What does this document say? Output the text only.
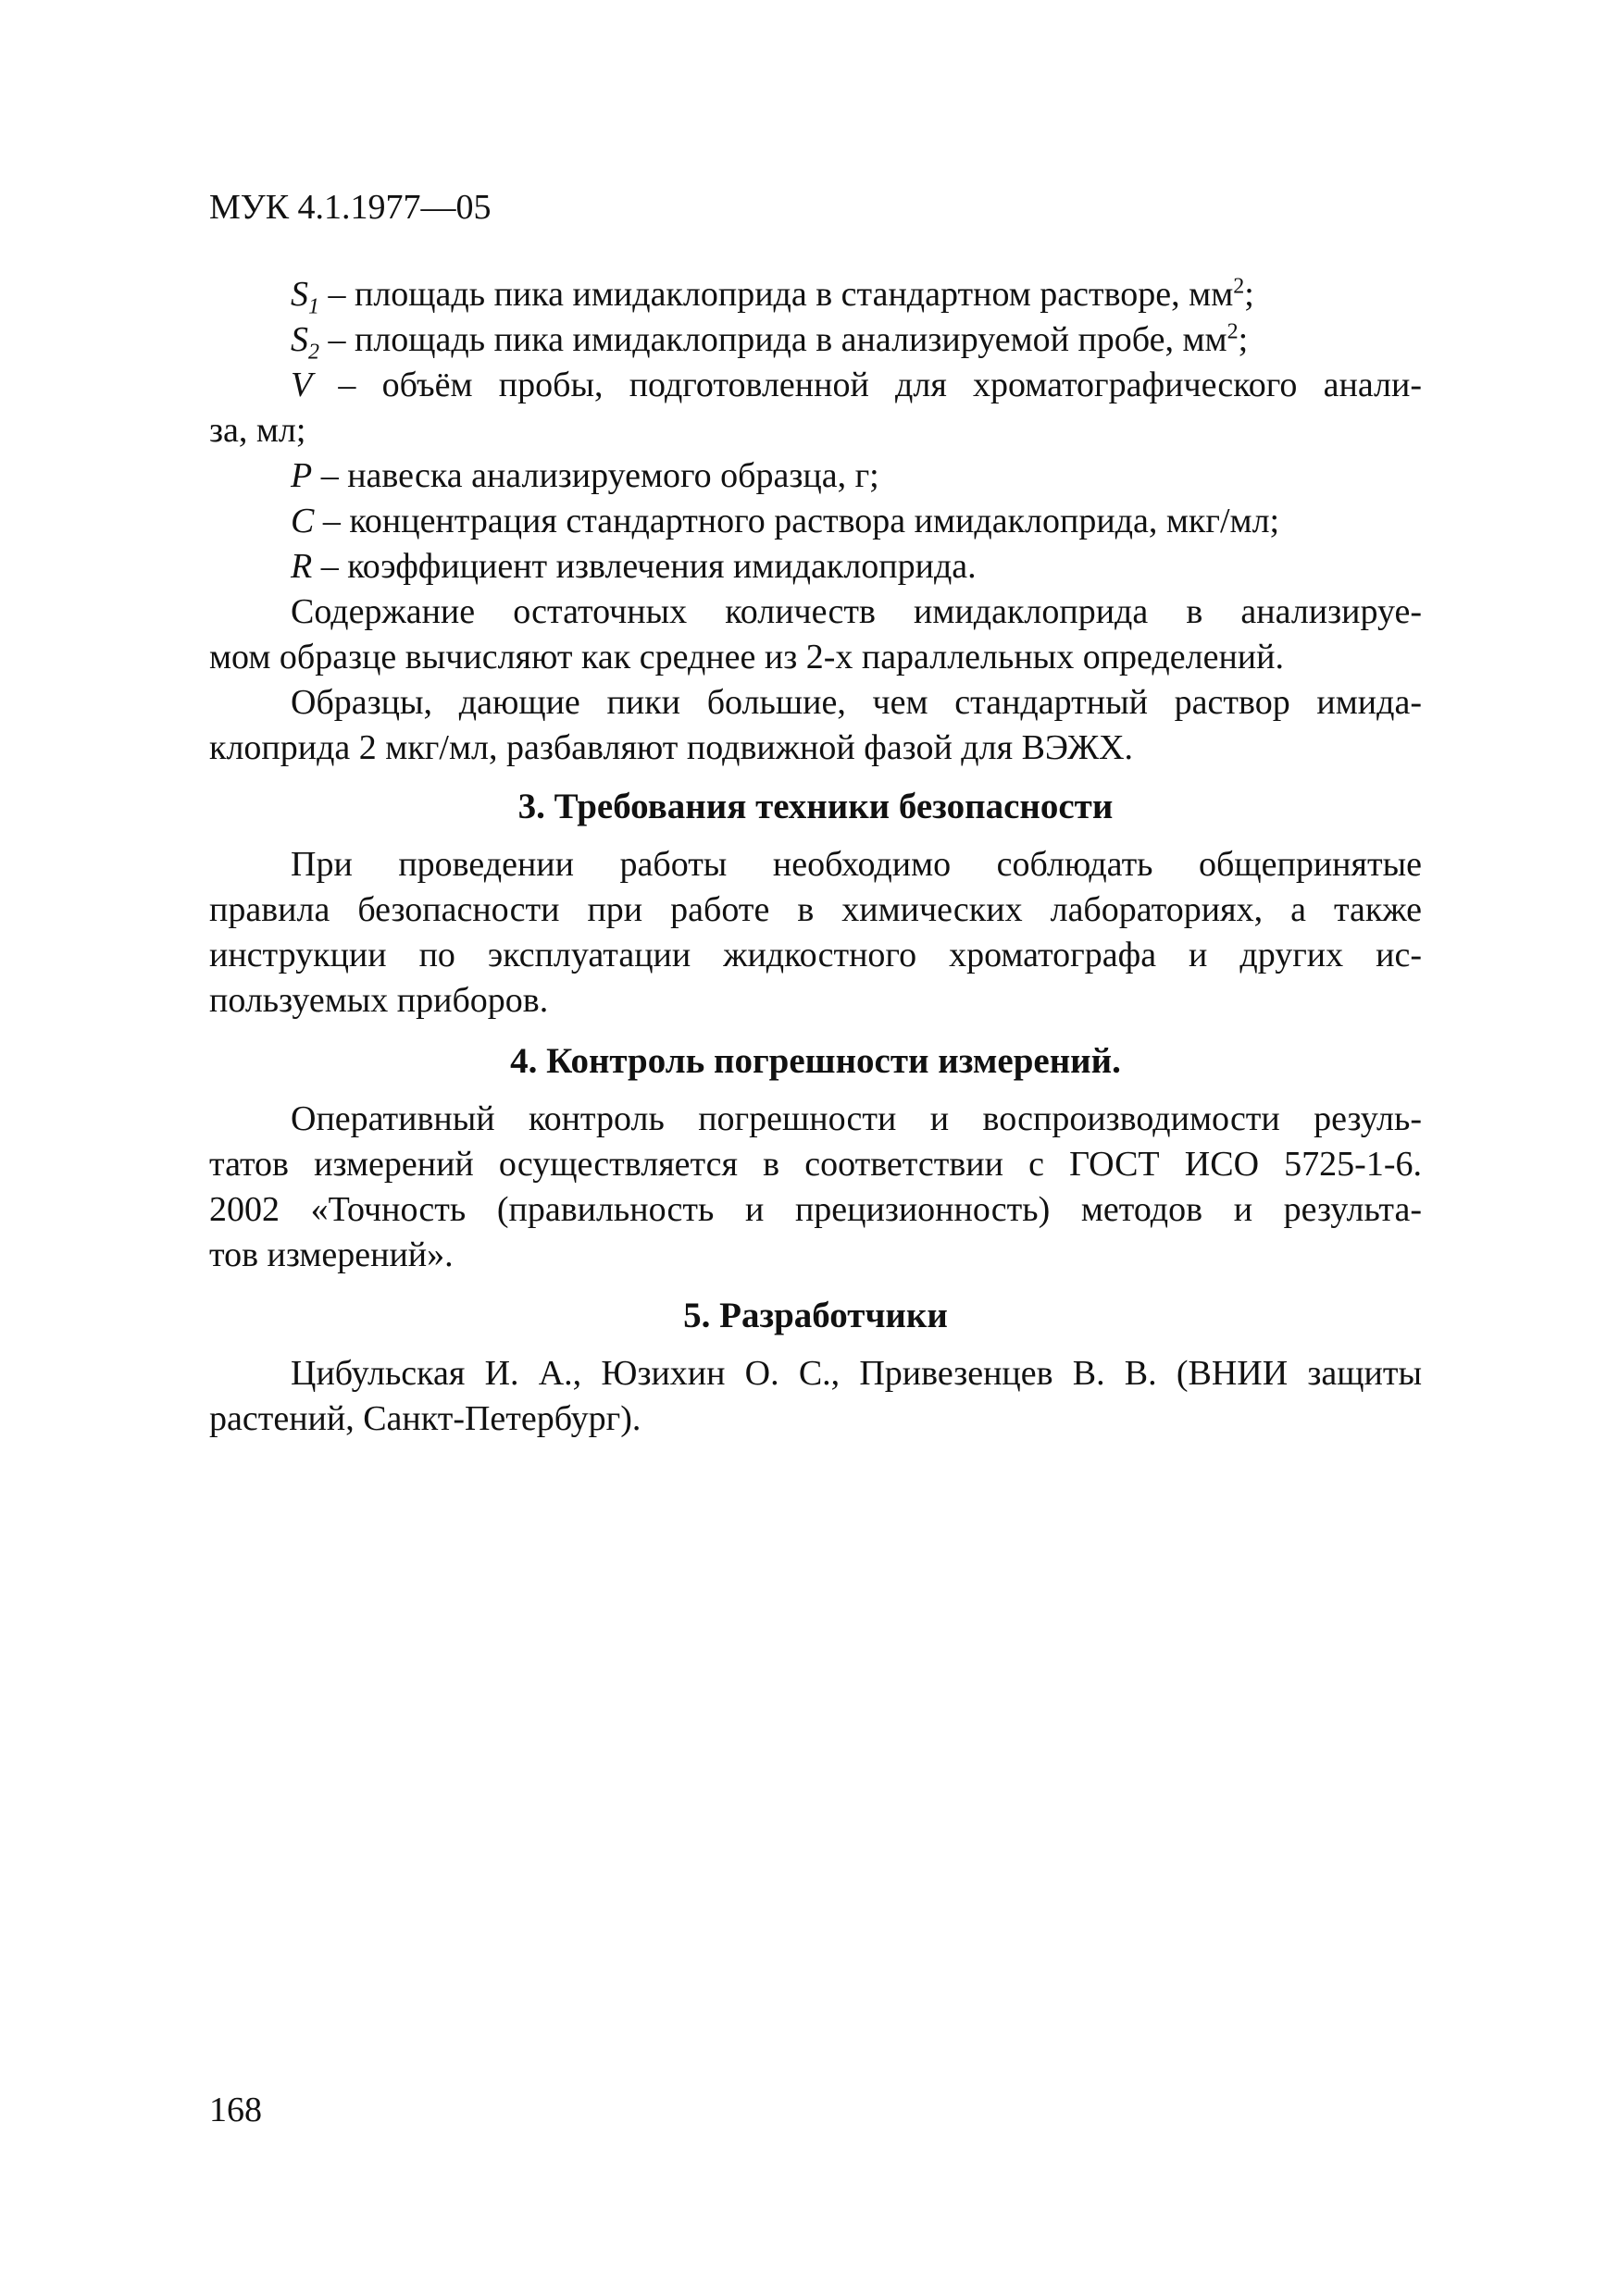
МУК 4.1.1977—05
$S_1$ – площадь пика имидаклоприда в стандартном растворе, $мм^2$;
$S_2$ – площадь пика имидаклоприда в анализируемой пробе, $мм^2$;
V – объём пробы, подготовленной для хроматографического анали-
за, мл;
P – навеска анализируемого образца, г;
C – концентрация стандартного раствора имидаклоприда, мкг/мл;
R – коэффициент извлечения имидаклоприда.
Содержание остаточных количеств имидаклоприда в анализируе-
мом образце вычисляют как среднее из 2-х параллельных определений.
Образцы, дающие пики большие, чем стандартный раствор имида-
клоприда 2 мкг/мл, разбавляют подвижной фазой для ВЭЖХ.
3. Требования техники безопасности
При проведении работы необходимо соблюдать общепринятые
правила безопасности при работе в химических лабораториях, а также
инструкции по эксплуатации жидкостного хроматографа и других ис-
пользуемых приборов.
4. Контроль погрешности измерений.
Оперативный контроль погрешности и воспроизводимости резуль-
татов измерений осуществляется в соответствии с ГОСТ ИСО 5725-1-6.
2002 «Точность (правильность и прецизионность) методов и результа-
тов измерений».
5. Разработчики
Цибульская И. А., Юзихин О. С., Привезенцев В. В. (ВНИИ защиты
растений, Санкт-Петербург).
168
